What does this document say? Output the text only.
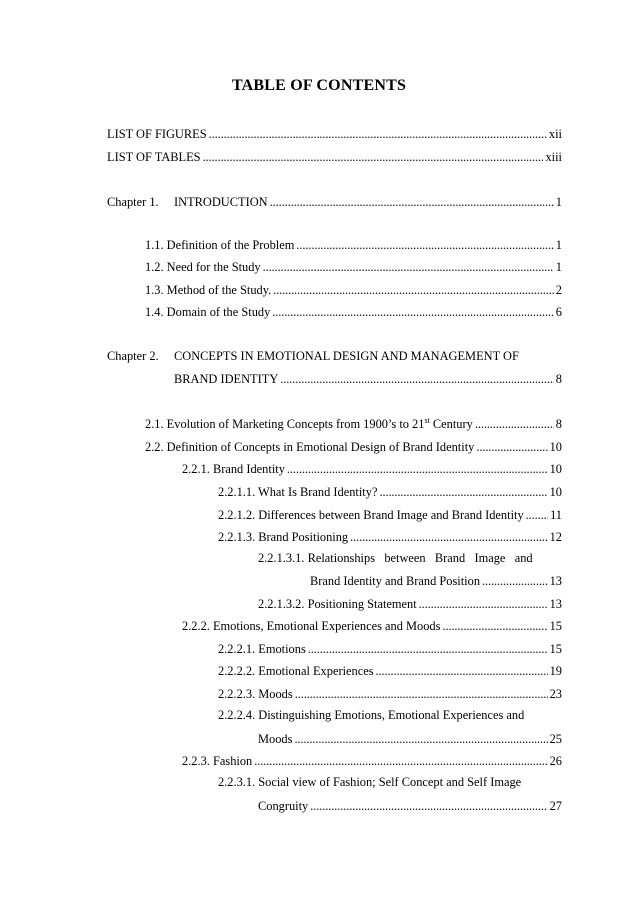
TABLE OF CONTENTS
LIST OF FIGURES . . .	xii
LIST OF TABLES . . .	xiii
Chapter 1. INTRODUCTION . . .	1
1.1. Definition of the Problem . . .	1
1.2. Need for the Study . . .	1
1.3. Method of the Study. . . .	2
1.4. Domain of the Study . . .	6
Chapter 2. CONCEPTS IN EMOTIONAL DESIGN AND MANAGEMENT OF
BRAND IDENTITY . . .	8
2.1. Evolution of Marketing Concepts from 1900’s to 21st Century . . .	8
2.2. Definition of Concepts in Emotional Design of Brand Identity . . .	10
2.2.1. Brand Identity . . .	10
2.2.1.1. What Is Brand Identity? . . .	10
2.2.1.2. Differences between Brand Image and Brand Identity . . . 11
2.2.1.3. Brand Positioning . . .	12
2.2.1.3.1. Relationships   between   Brand   Image   and
Brand Identity and Brand Position . . .	13
2.2.1.3.2. Positioning Statement . . .	13
2.2.2. Emotions, Emotional Experiences and Moods . . .	15
2.2.2.1. Emotions . . .	15
2.2.2.2. Emotional Experiences . . .	19
2.2.2.3. Moods . . .	23
2.2.2.4. Distinguishing Emotions, Emotional Experiences and
Moods . . .	25
2.2.3. Fashion . . .	26
2.2.3.1. Social view of Fashion; Self Concept and Self Image
Congruity . . .	27
